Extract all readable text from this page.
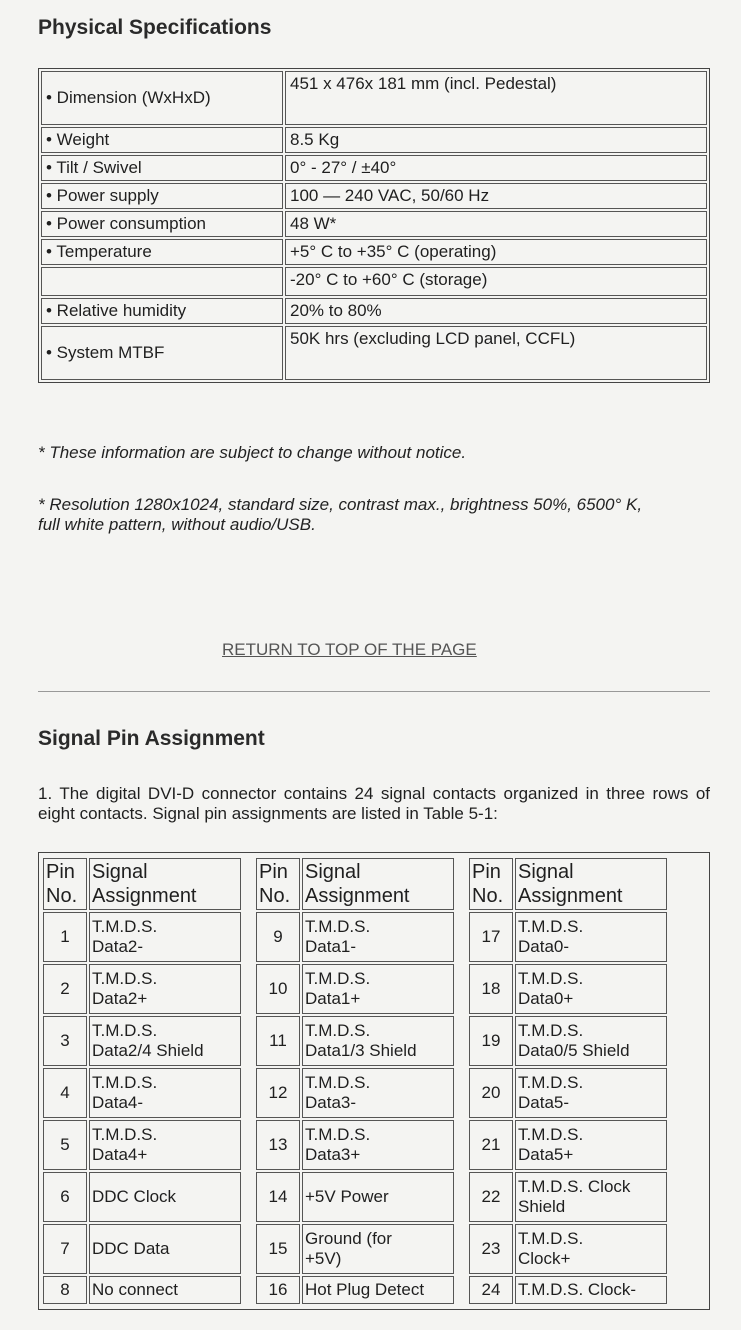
Physical Specifications
• Dimension (WxHxD)	451 x 476x 181 mm (incl. Pedestal)
• Weight	8.5 Kg
• Tilt / Swivel	0° - 27° / ±40°
• Power supply	100 — 240 VAC, 50/60 Hz
• Power consumption	48 W*
• Temperature	+5° C to +35° C (operating)
	-20° C to +60° C (storage)
• Relative humidity	20% to 80%
• System MTBF	50K hrs (excluding LCD panel, CCFL)

* These information are subject to change without notice.

* Resolution 1280x1024, standard size, contrast max., brightness 50%, 6500° K,
full white pattern, without audio/USB.

RETURN TO TOP OF THE PAGE
Signal Pin Assignment

1. The digital DVI-D connector contains 24 signal contacts organized in three rows of eight contacts. Signal pin assignments are listed in Table 5-1:

Pin
No.	Signal
Assignment
1	T.M.D.S.
Data2-
2	T.M.D.S.
Data2+
3	T.M.D.S.
Data2/4 Shield
4	T.M.D.S.
Data4-
5	T.M.D.S.
Data4+
6	DDC Clock
7	DDC Data
8	No connect
Pin
No.	Signal
Assignment
9	T.M.D.S.
Data1-
10	T.M.D.S.
Data1+
11	T.M.D.S.
Data1/3 Shield
12	T.M.D.S.
Data3-
13	T.M.D.S.
Data3+
14	+5V Power
15	Ground (for
+5V)
16	Hot Plug Detect
Pin
No.	Signal
Assignment
17	T.M.D.S.
Data0-
18	T.M.D.S.
Data0+
19	T.M.D.S.
Data0/5 Shield
20	T.M.D.S.
Data5-
21	T.M.D.S.
Data5+
22	T.M.D.S. Clock
Shield
23	T.M.D.S.
Clock+
24	T.M.D.S. Clock-
